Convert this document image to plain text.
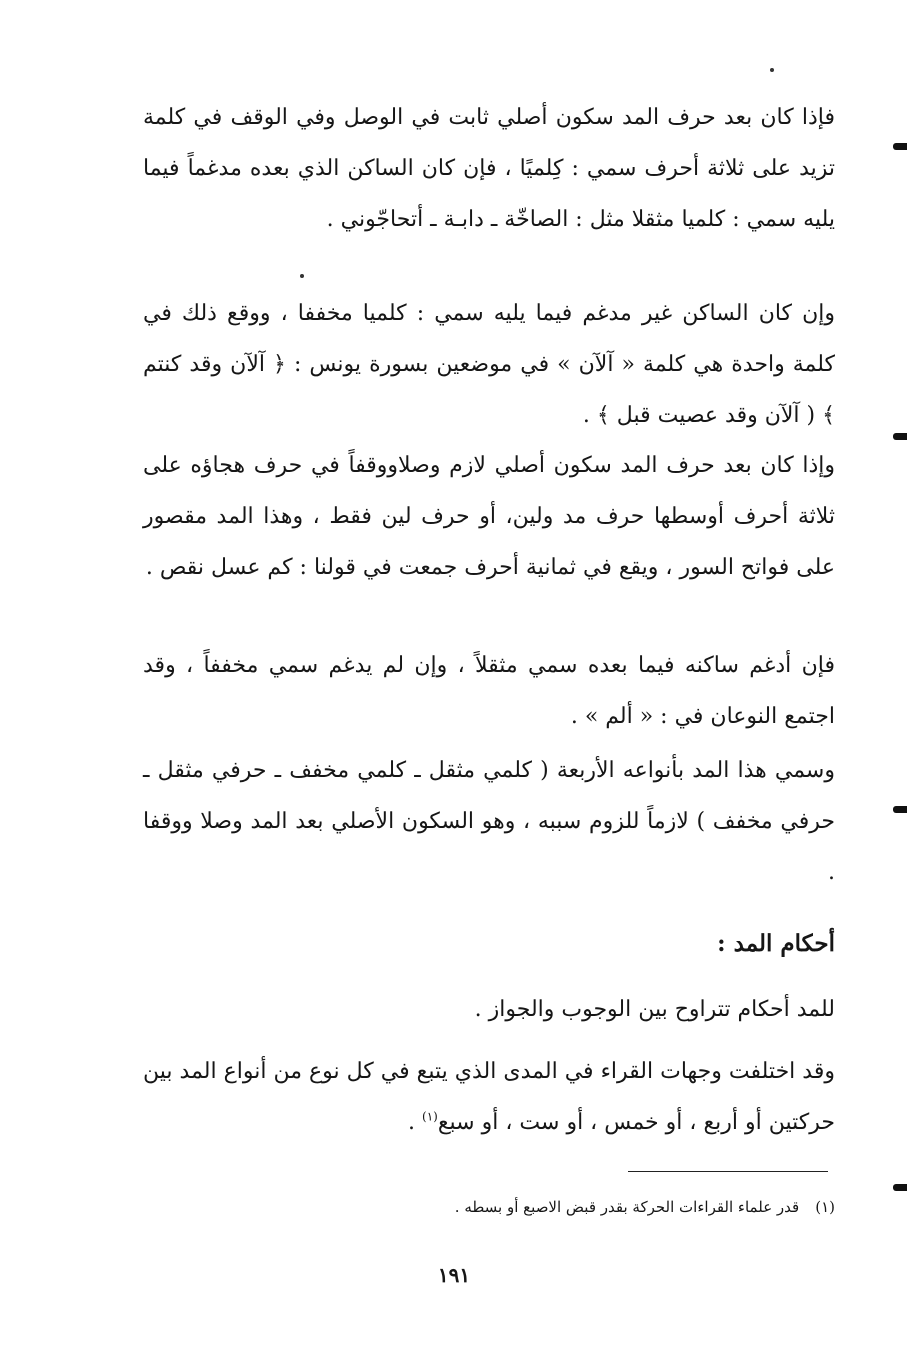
فإذا كان بعد حرف المد سكون أصلي ثابت في الوصل وفي الوقف في كلمة تزيد على ثلاثة أحرف سمي : كِلميًا ، فإن كان الساكن الذي بعده مدغماً فيما يليه سمي : كلميا مثقلا مثل : الصاخّة ـ دابـة ـ أتحاجّوني .

وإن كان الساكن غير مدغم فيما يليه سمي : كلميا مخففا ، ووقع ذلك في كلمة واحدة هي كلمة « آلآن » في موضعين بسورة يونس : ﴿ آلآن وقد كنتم ﴾ ( آلآن وقد عصيت قبل ﴾ .

وإذا كان بعد حرف المد سكون أصلي لازم وصلاووقفاً في حرف هجاؤه على ثلاثة أحرف أوسطها حرف مد ولين، أو حرف لين فقط ، وهذا المد مقصور على فواتح السور ، ويقع في ثمانية أحرف جمعت في قولنا : كم عسل نقص .

فإن أدغم ساكنه فيما بعده سمي مثقلاً ، وإن لم يدغم سمي مخففاً ، وقد اجتمع النوعان في : « ألم » .

وسمي هذا المد بأنواعه الأربعة ( كلمي مثقل ـ كلمي مخفف ـ حرفي مثقل ـ حرفي مخفف ) لازماً للزوم سببه ، وهو السكون الأصلي بعد المد وصلا ووقفا .

أحكام المد :

للمد أحكام تتراوح بين الوجوب والجواز .

وقد اختلفت وجهات القراء في المدى الذي يتبع في كل نوع من أنواع المد بين حركتين أو أربع ، أو خمس ، أو ست ، أو سبع$^{(١)}$ .

(١)قدر علماء القراءات الحركة بقدر قبض الاصبع أو بسطه .

١٩١
